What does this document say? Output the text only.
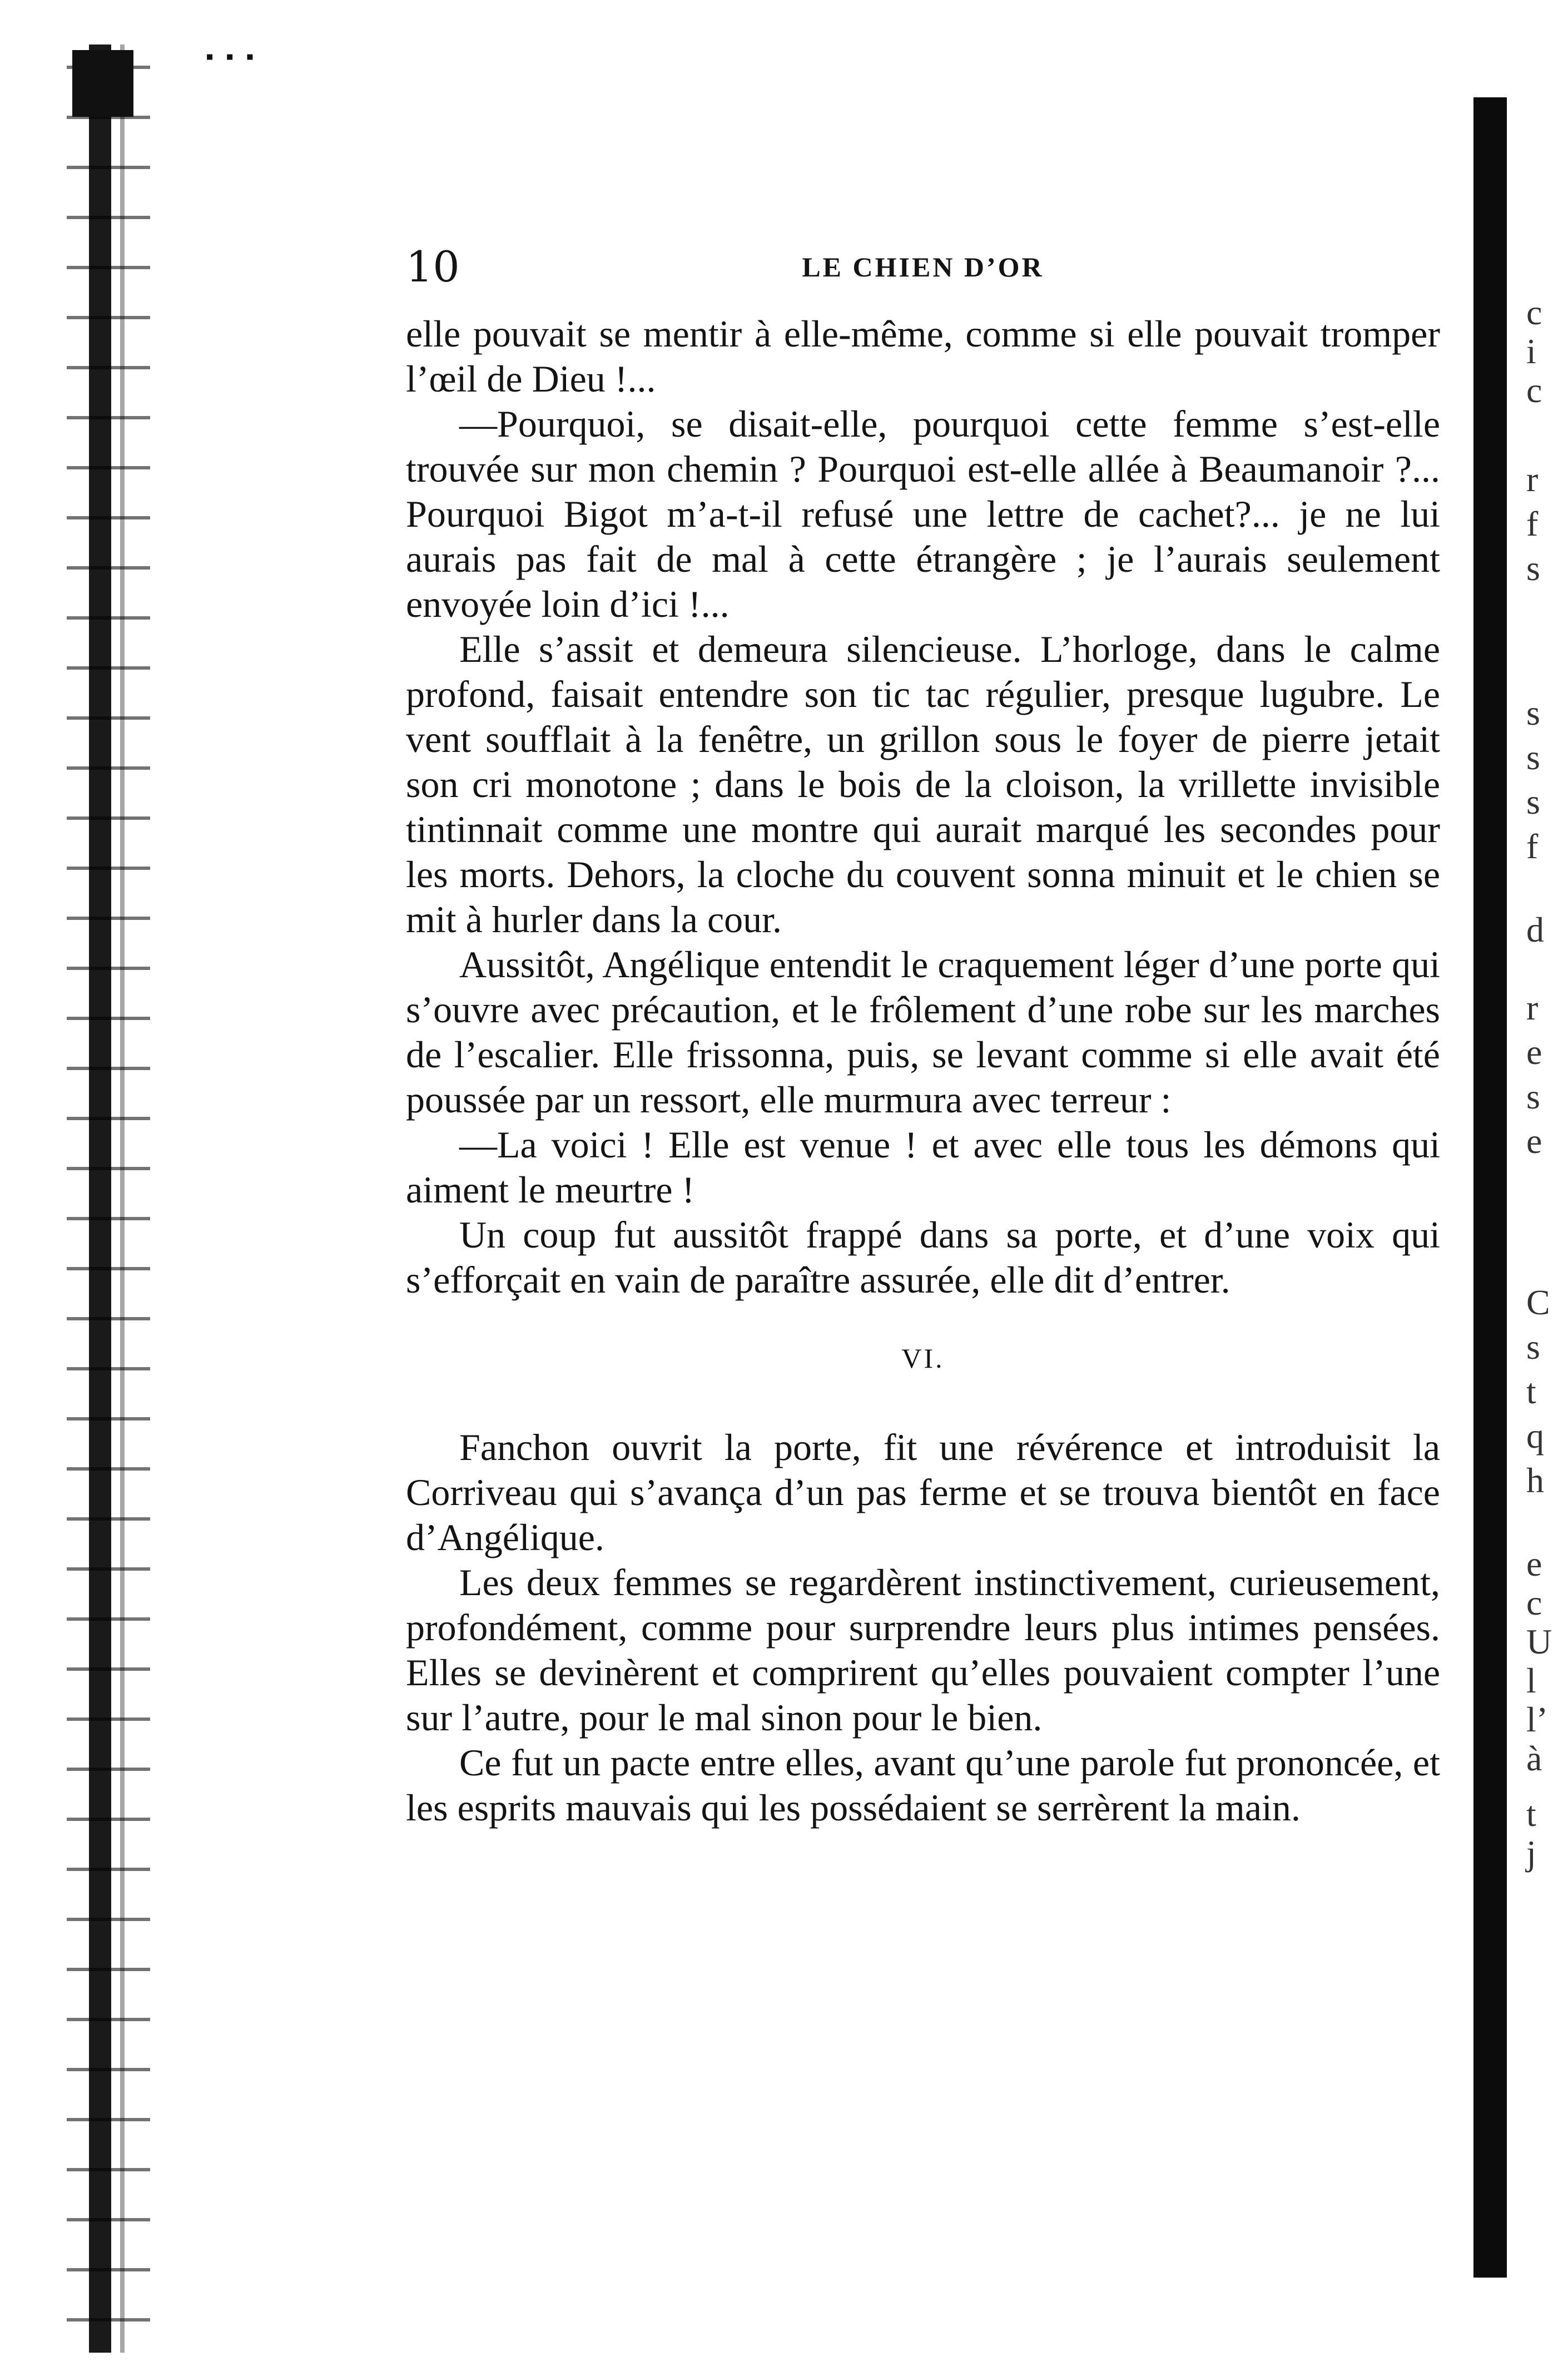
▪▪▪
c
i
c
r
f
s
s
s
s
f
d
r
e
s
e
C
s
t
q
h
e
c
U
l
l’
à
t
j
10	LE CHIEN D’OR

elle pouvait se mentir à elle-même, comme si elle pouvait tromper l’œil de Dieu !...

—Pourquoi, se disait-elle, pourquoi cette femme s’est-elle trouvée sur mon chemin ? Pourquoi est-elle allée à Beaumanoir ?... Pourquoi Bigot m’a-t-il refusé une lettre de cachet?... je ne lui aurais pas fait de mal à cette étrangère ; je l’aurais seulement envoyée loin d’ici !...

Elle s’assit et demeura silencieuse. L’horloge, dans le calme profond, faisait entendre son tic tac régulier, presque lugubre. Le vent soufflait à la fenêtre, un grillon sous le foyer de pierre jetait son cri monotone ; dans le bois de la cloison, la vrillette invisible tintinnait comme une montre qui aurait marqué les secondes pour les morts. Dehors, la cloche du couvent sonna minuit et le chien se mit à hurler dans la cour.

Aussitôt, Angélique entendit le craquement léger d’une porte qui s’ouvre avec précaution, et le frôlement d’une robe sur les marches de l’escalier. Elle frissonna, puis, se levant comme si elle avait été poussée par un ressort, elle murmura avec terreur :

—La voici ! Elle est venue ! et avec elle tous les démons qui aiment le meurtre !

Un coup fut aussitôt frappé dans sa porte, et d’une voix qui s’efforçait en vain de paraître assurée, elle dit d’entrer.

VI.

Fanchon ouvrit la porte, fit une révérence et introduisit la Corriveau qui s’avança d’un pas ferme et se trouva bientôt en face d’Angélique.

Les deux femmes se regardèrent instinctivement, curieusement, profondément, comme pour surprendre leurs plus intimes pensées. Elles se devinèrent et comprirent qu’elles pouvaient compter l’une sur l’autre, pour le mal sinon pour le bien.

Ce fut un pacte entre elles, avant qu’une parole fut prononcée, et les esprits mauvais qui les possédaient se serrèrent la main.
